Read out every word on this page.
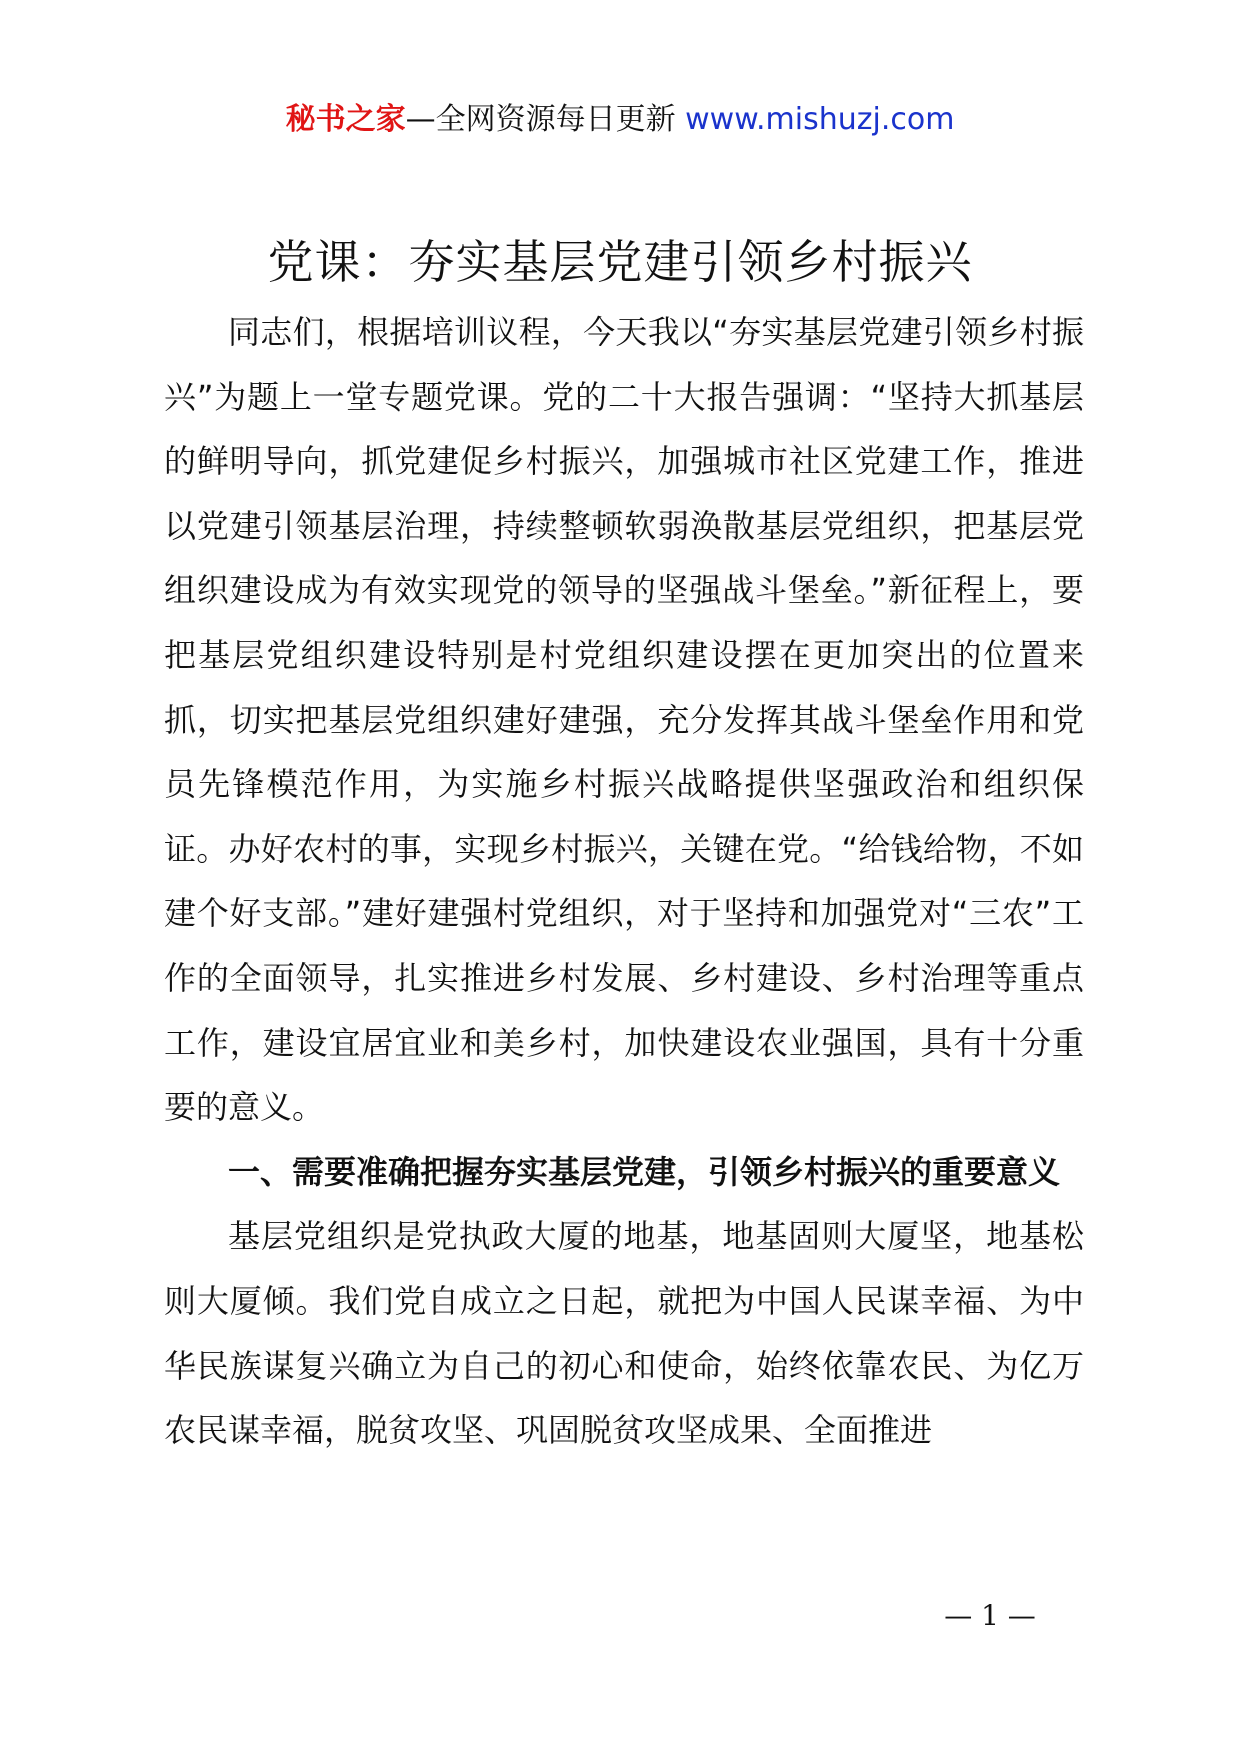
秘书之家—全网资源每日更新 www.mishuzj.com
党课：夯实基层党建引领乡村振兴

同志们，根据培训议程，今天我以“夯实基层党建引领乡村振兴”为题上一堂专题党课。党的二十大报告强调：“坚持大抓基层的鲜明导向，抓党建促乡村振兴，加强城市社区党建工作，推进以党建引领基层治理，持续整顿软弱涣散基层党组织，把基层党组织建设成为有效实现党的领导的坚强战斗堡垒。”新征程上，要把基层党组织建设特别是村党组织建设摆在更加突出的位置来抓，切实把基层党组织建好建强，充分发挥其战斗堡垒作用和党员先锋模范作用，为实施乡村振兴战略提供坚强政治和组织保证。办好农村的事，实现乡村振兴，关键在党。“给钱给物，不如建个好支部。”建好建强村党组织，对于坚持和加强党对“三农”工作的全面领导，扎实推进乡村发展、乡村建设、乡村治理等重点工作，建设宜居宜业和美乡村，加快建设农业强国，具有十分重要的意义。

一、需要准确把握夯实基层党建，引领乡村振兴的重要意义

基层党组织是党执政大厦的地基，地基固则大厦坚，地基松则大厦倾。我们党自成立之日起，就把为中国人民谋幸福、为中华民族谋复兴确立为自己的初心和使命，始终依靠农民、为亿万农民谋幸福，脱贫攻坚、巩固脱贫攻坚成果、全面推进

— 1 —
